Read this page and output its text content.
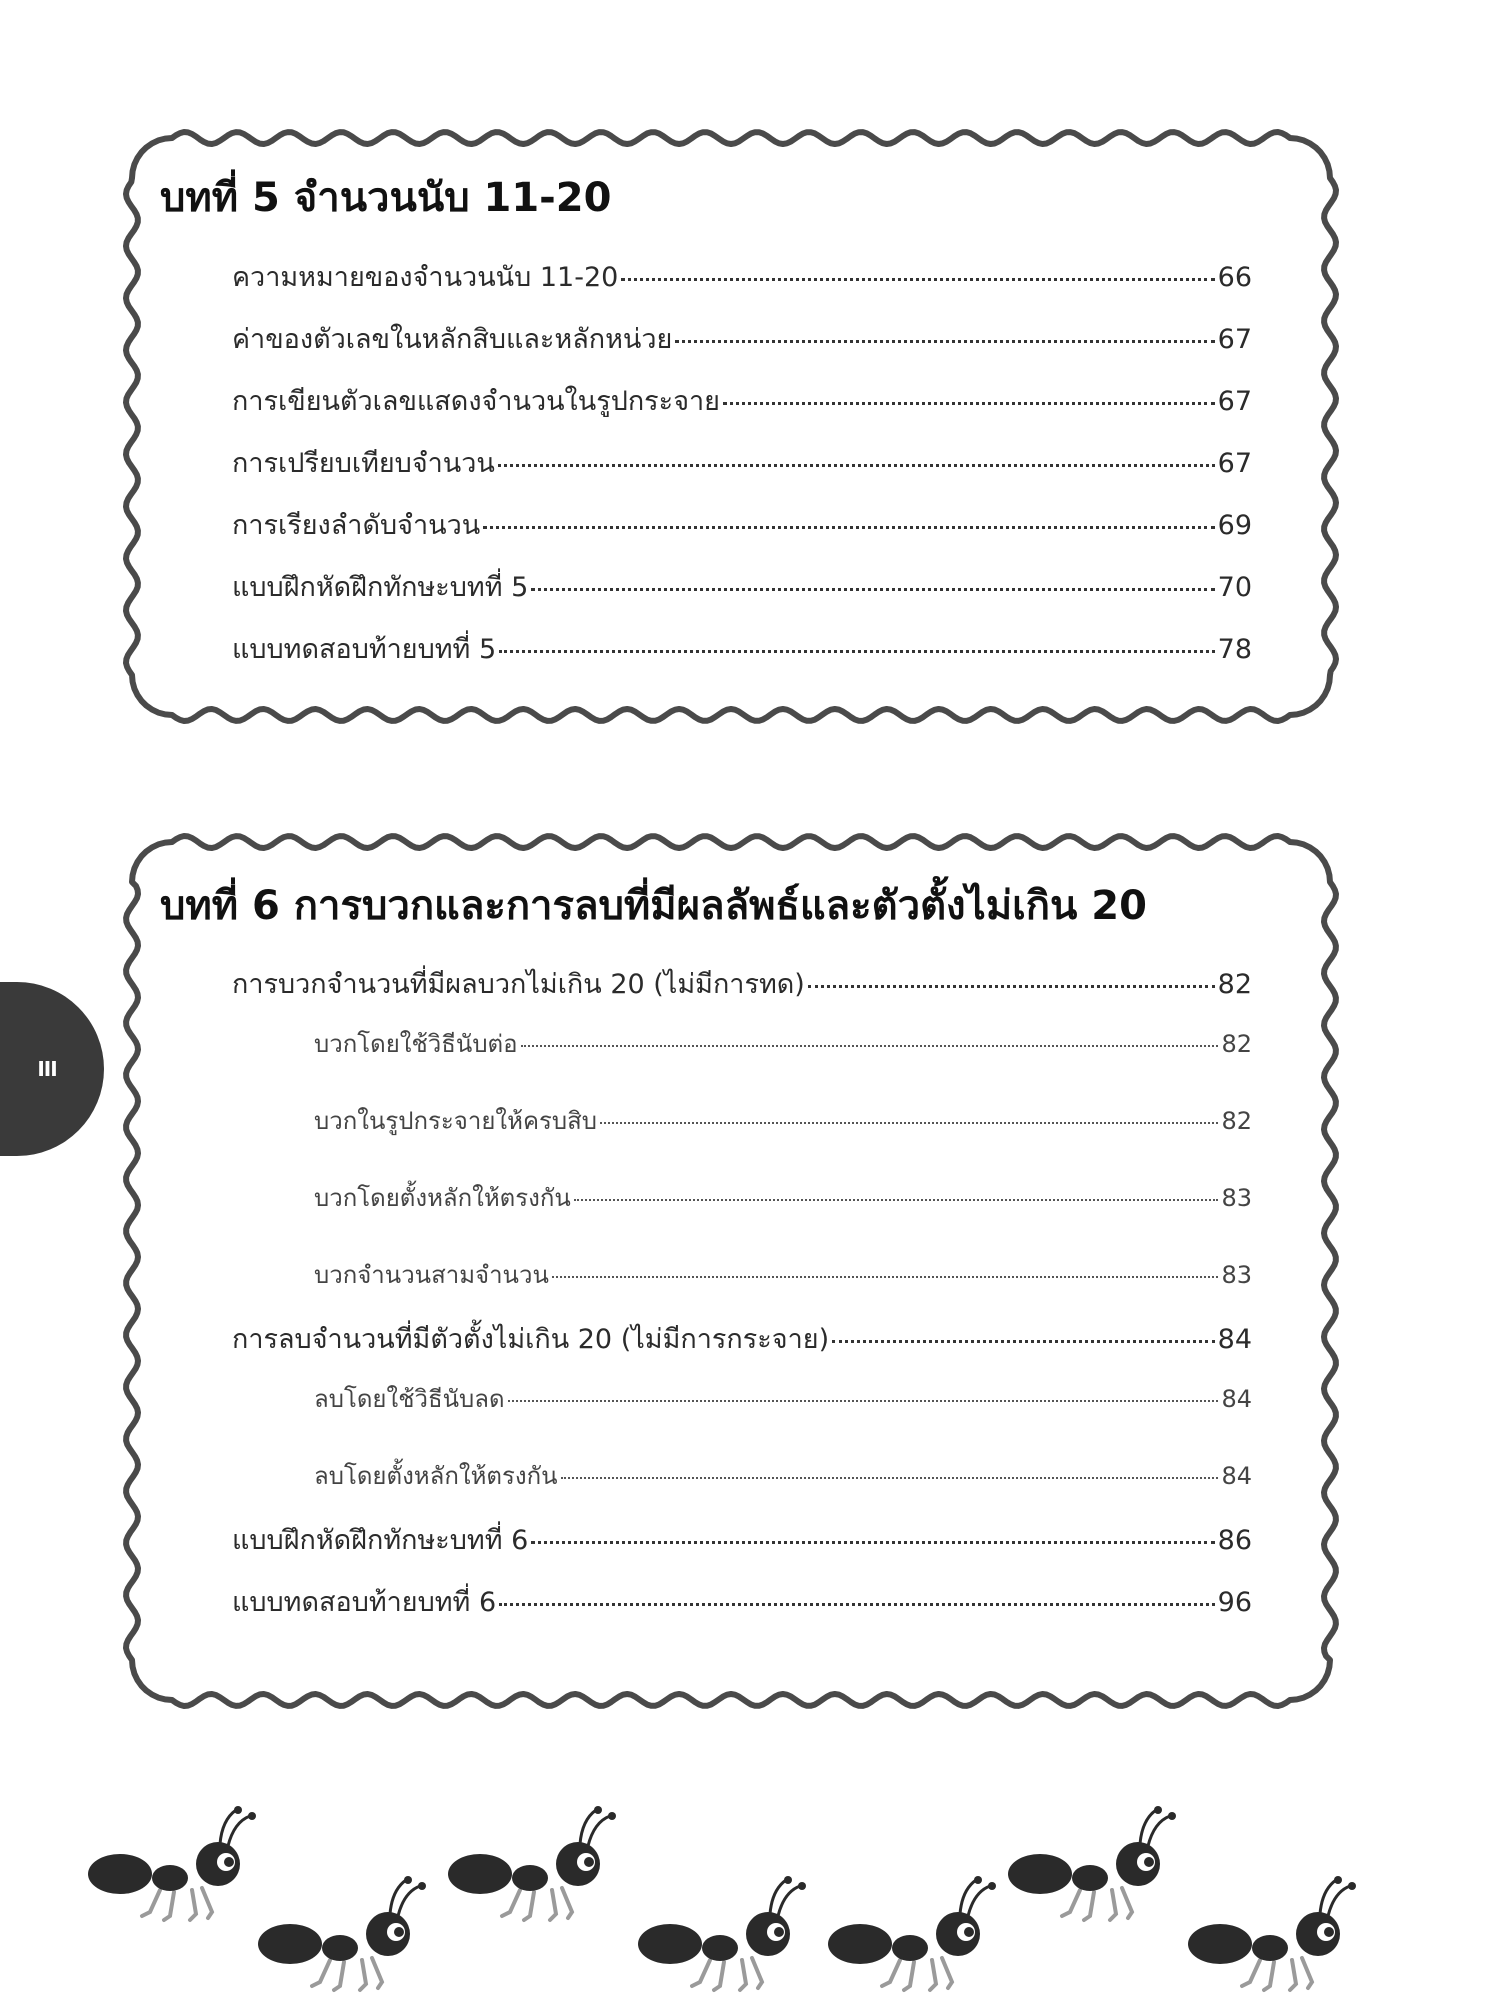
บทที่ 5 จำนวนนับ 11-20
ความหมายของจำนวนนับ 11-20	66
ค่าของตัวเลขในหลักสิบและหลักหน่วย	67
การเขียนตัวเลขแสดงจำนวนในรูปกระจาย	67
การเปรียบเทียบจำนวน	67
การเรียงลำดับจำนวน	69
แบบฝึกหัดฝึกทักษะบทที่ 5	70
แบบทดสอบท้ายบทที่ 5	78
บทที่ 6 การบวกและการลบที่มีผลลัพธ์และตัวตั้งไม่เกิน 20
การบวกจำนวนที่มีผลบวกไม่เกิน 20 (ไม่มีการทด)	82
บวกโดยใช้วิธีนับต่อ	82
บวกในรูปกระจายให้ครบสิบ	82
บวกโดยตั้งหลักให้ตรงกัน	83
บวกจำนวนสามจำนวน	83
การลบจำนวนที่มีตัวตั้งไม่เกิน 20 (ไม่มีการกระจาย)	84
ลบโดยใช้วิธีนับลด	84
ลบโดยตั้งหลักให้ตรงกัน	84
แบบฝึกหัดฝึกทักษะบทที่ 6	86
แบบทดสอบท้ายบทที่ 6	96
III
